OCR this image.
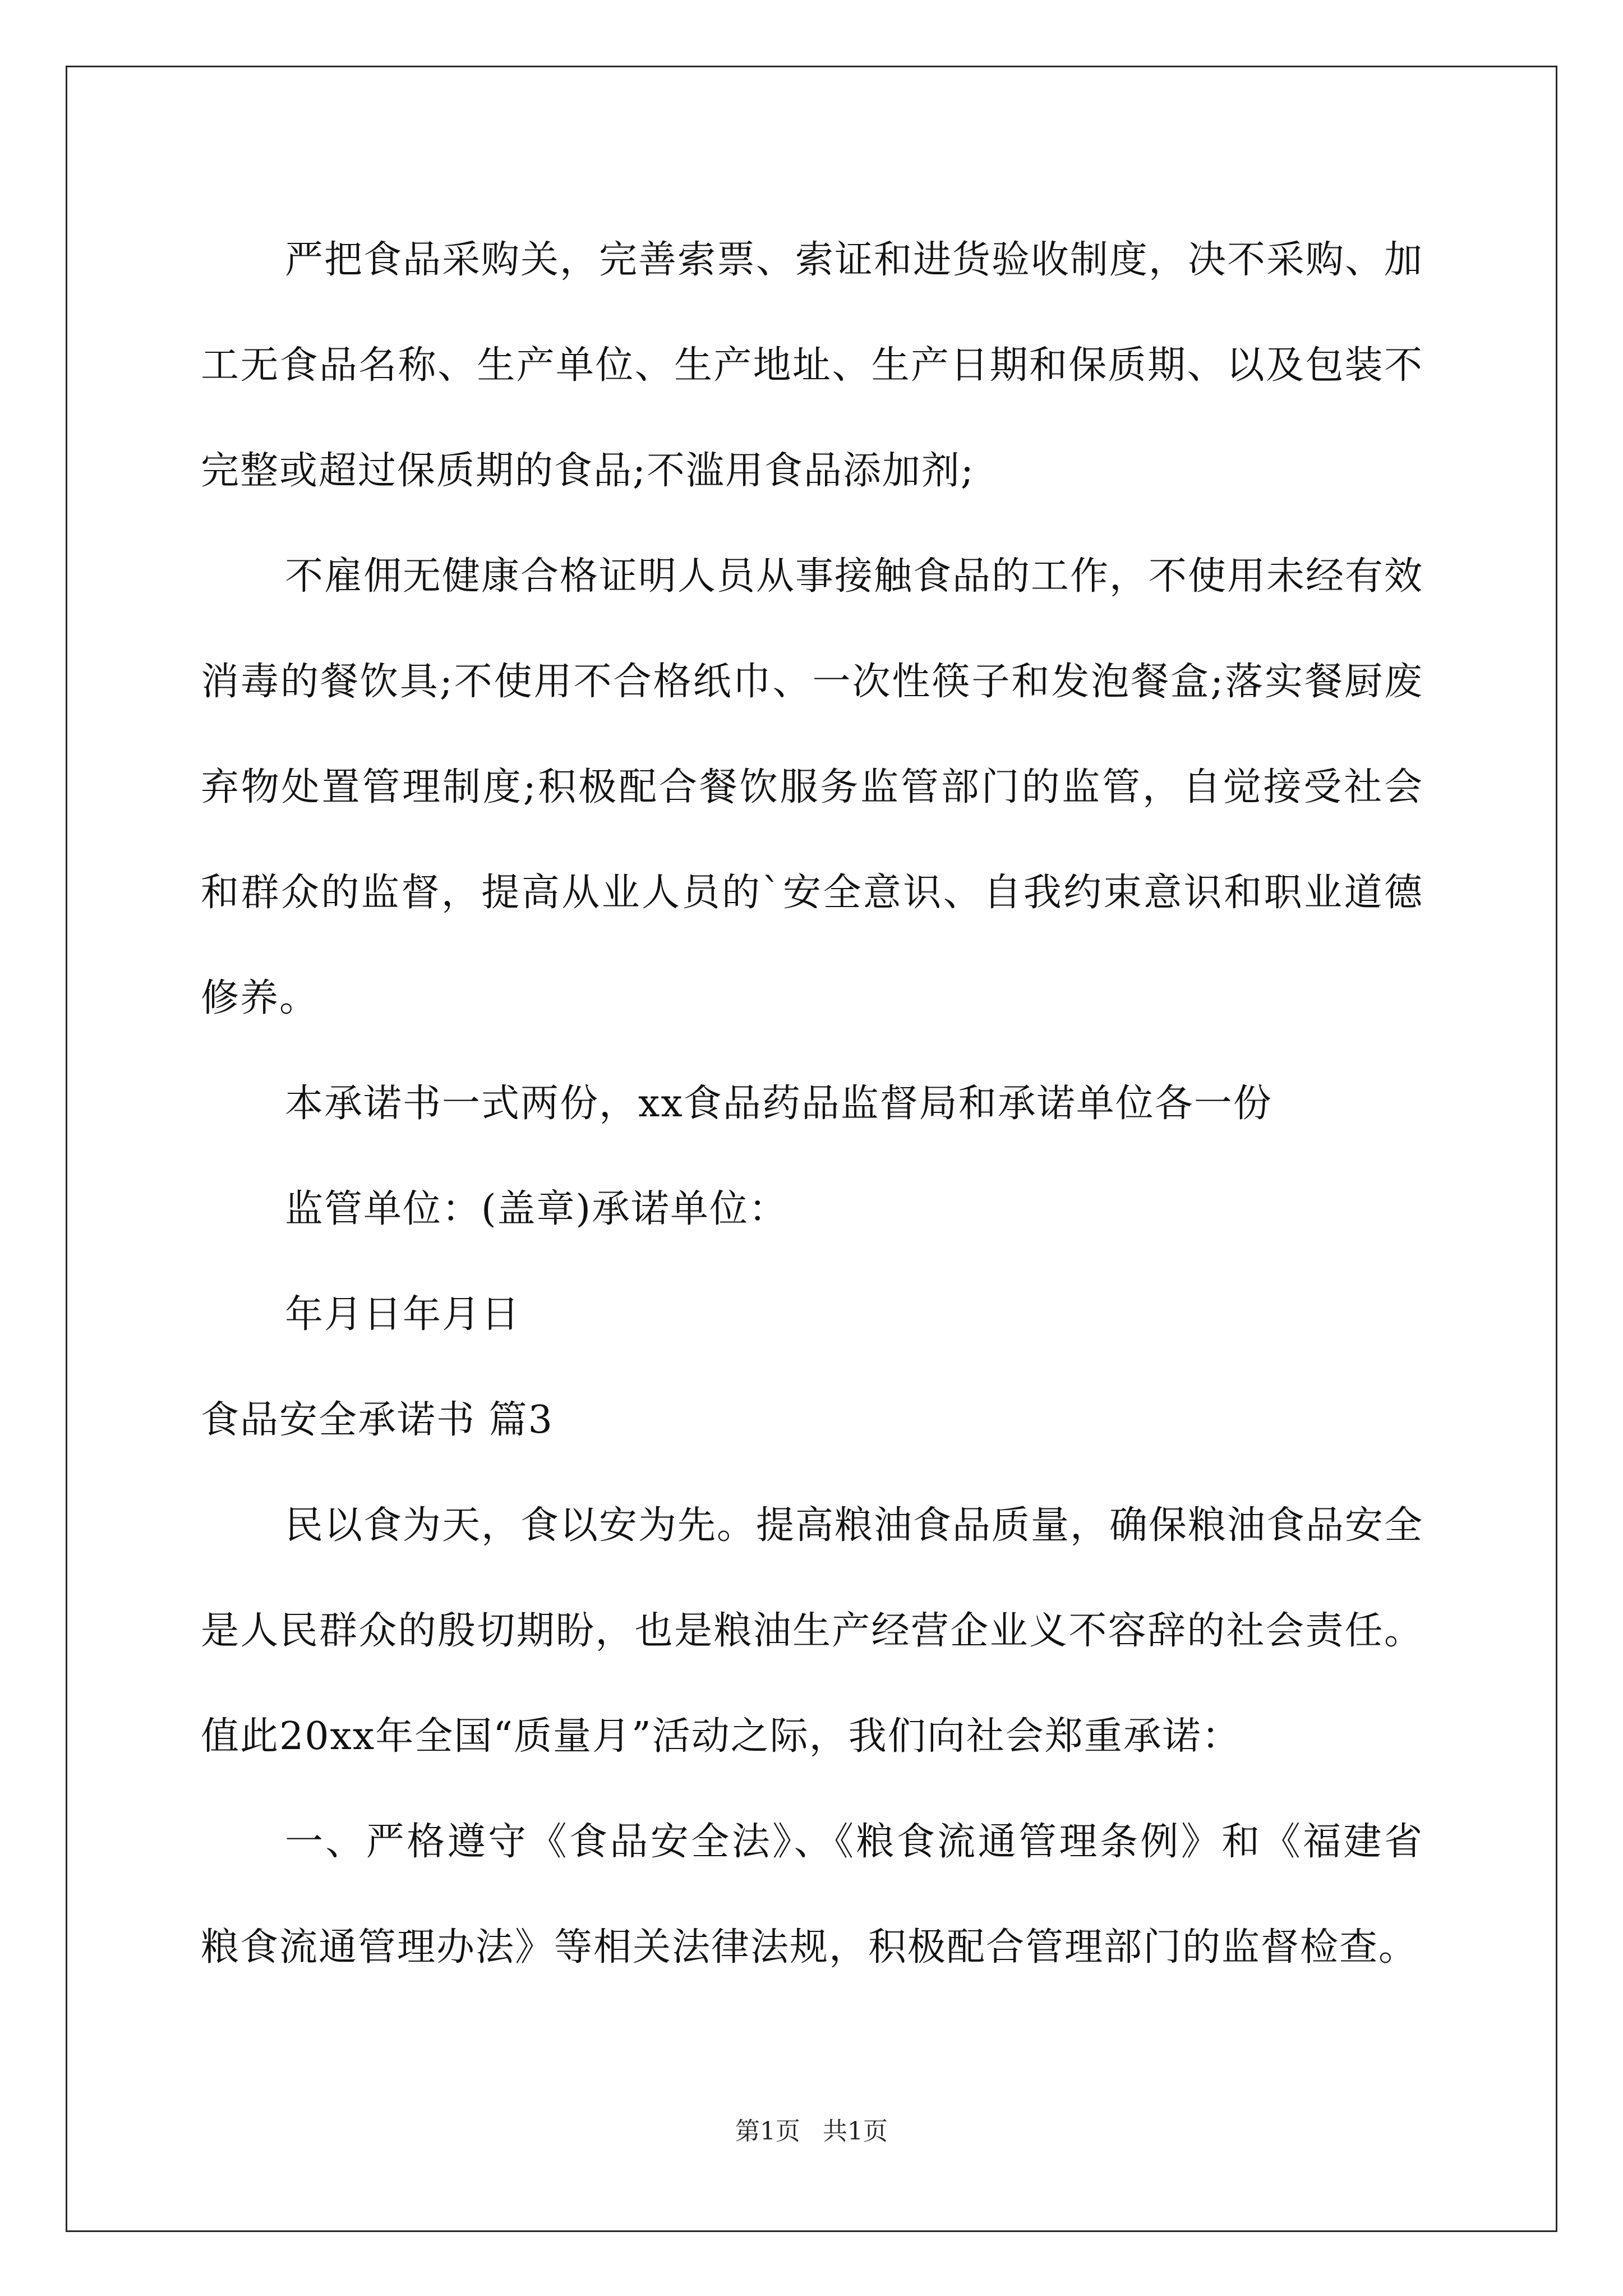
严把食品采购关，完善索票、索证和进货验收制度，决不采购、加工无食品名称、生产单位、生产地址、生产日期和保质期、以及包装不完整或超过保质期的食品;不滥用食品添加剂;

不雇佣无健康合格证明人员从事接触食品的工作，不使用未经有效消毒的餐饮具;不使用不合格纸巾、一次性筷子和发泡餐盒;落实餐厨废弃物处置管理制度;积极配合餐饮服务监管部门的监管，自觉接受社会和群众的监督，提高从业人员的`安全意识、自我约束意识和职业道德修养。

本承诺书一式两份，xx食品药品监督局和承诺单位各一份

监管单位：(盖章)承诺单位：

年月日年月日

食品安全承诺书 篇3

民以食为天，食以安为先。提高粮油食品质量，确保粮油食品安全是人民群众的殷切期盼，也是粮油生产经营企业义不容辞的社会责任。值此20xx年全国“质量月”活动之际，我们向社会郑重承诺：

一、严格遵守《食品安全法》、《粮食流通管理条例》和《福建省粮食流通管理办法》等相关法律法规，积极配合管理部门的监督检查。

第1页 共1页
